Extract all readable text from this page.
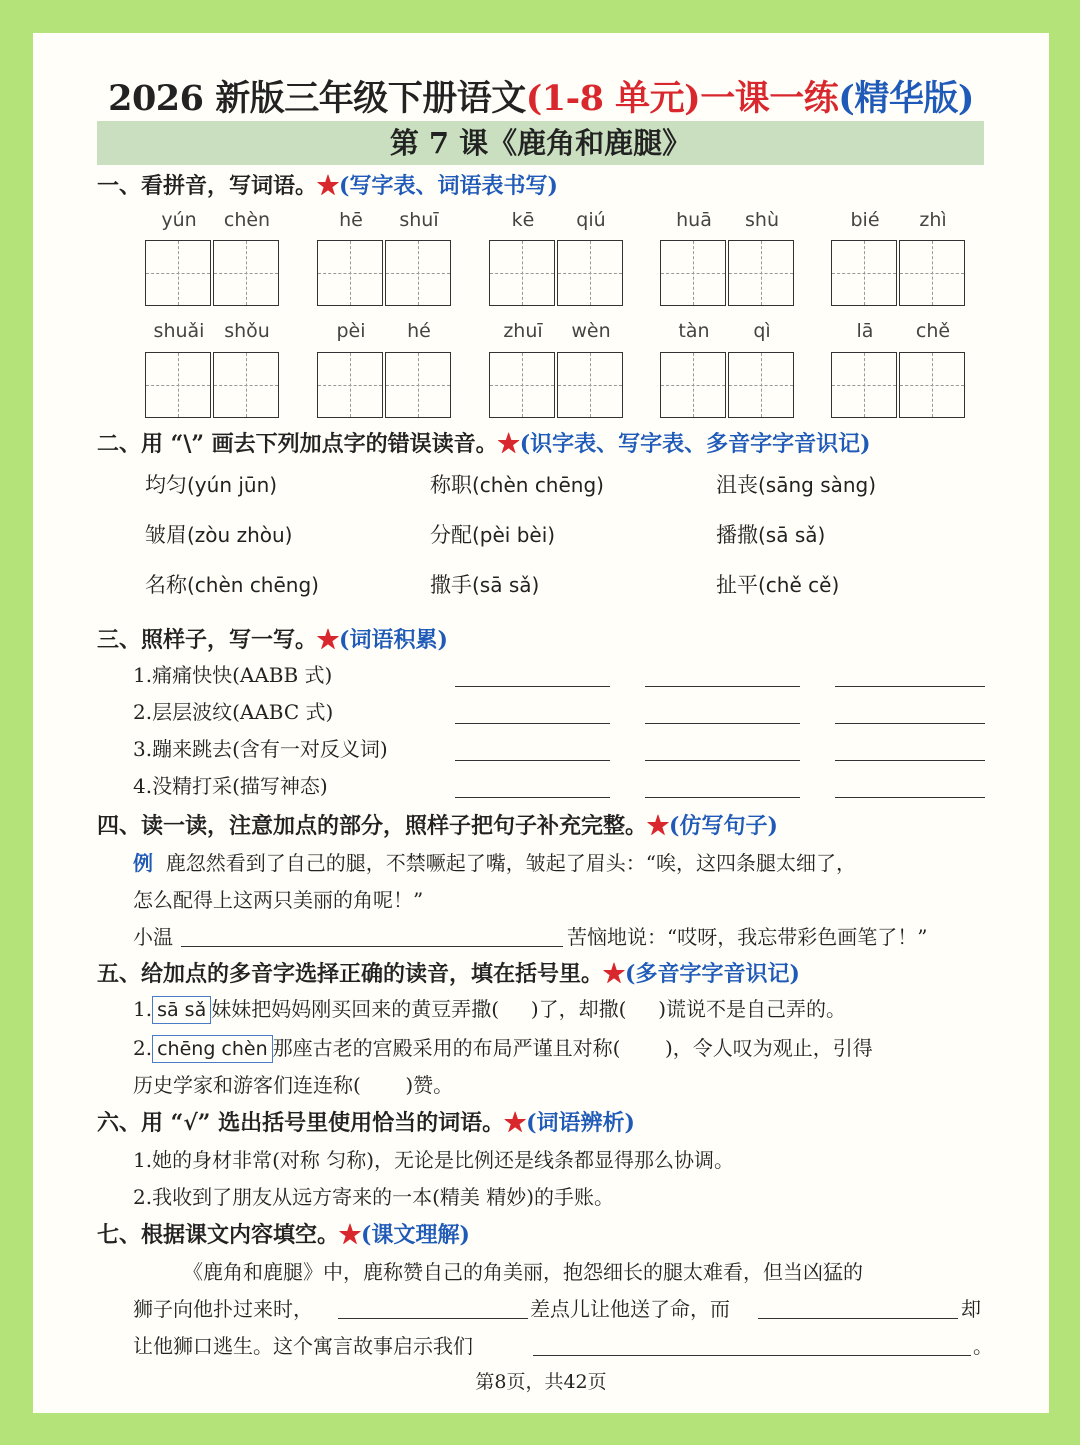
2026 新版三年级下册语文(1-8 单元)一课一练(精华版)
第 7 课《鹿角和鹿腿》
一、看拼音，写词语。★(写字表、词语表书写)
yún	chèn	hē	shuī	kē	qiú	huā	shù	bié	zhì
shuǎi	shǒu	pèi	hé	zhuī	wèn	tàn	qì	lā	chě
二、用 “\” 画去下列加点字的错误读音。★(识字表、写字表、多音字字音识记)
均匀(yún jūn)	称职(chèn chēng)	沮丧(sāng sàng)
皱眉(zòu zhòu)	分配(pèi bèi)	播撒(sā sǎ)
名称(chèn chēng)	撒手(sā sǎ)	扯平(chě cě)
三、照样子，写一写。★(词语积累)
1.痛痛快快(AABB 式)
2.层层波纹(AABC 式)
3.蹦来跳去(含有一对反义词)
4.没精打采(描写神态)
四、读一读，注意加点的部分，照样子把句子补充完整。★(仿写句子)
例 鹿忽然看到了自己的腿，不禁噘起了嘴，皱起了眉头：“唉，这四条腿太细了，
怎么配得上这两只美丽的角呢！”
小温	苦恼地说：“哎呀，我忘带彩色画笔了！”
五、给加点的多音字选择正确的读音，填在括号里。★(多音字字音识记)
1. sā sǎ 妹妹把妈妈刚买回来的黄豆弄撒( )了，却撒( )谎说不是自己弄的。
2. chēng chèn 那座古老的宫殿采用的布局严谨且对称( )，令人叹为观止，引得
历史学家和游客们连连称( )赞。
六、用 “√” 选出括号里使用恰当的词语。★(词语辨析)
1.她的身材非常(对称 匀称)，无论是比例还是线条都显得那么协调。
2.我收到了朋友从远方寄来的一本(精美 精妙)的手账。
七、根据课文内容填空。★(课文理解)
《鹿角和鹿腿》中，鹿称赞自己的角美丽，抱怨细长的腿太难看，但当凶猛的
狮子向他扑过来时，	差点儿让他送了命，而	却
让他狮口逃生。这个寓言故事启示我们	。
第8页，共42页
